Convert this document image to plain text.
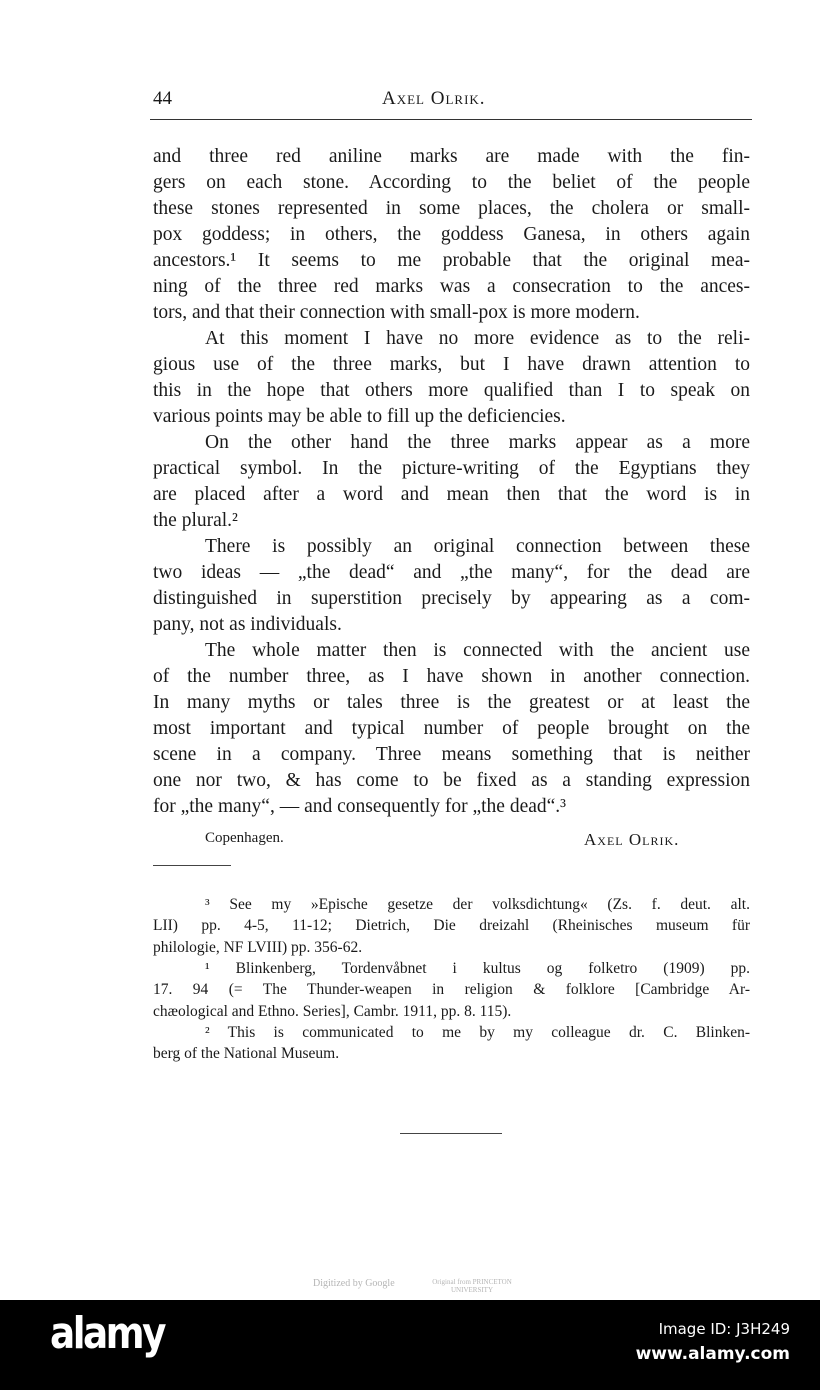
44	Axel Olrik.
and three red aniline marks are made with the fin-
gers on each stone. According to the beliet of the people
these stones represented in some places, the cholera or small-
pox goddess; in others, the goddess Ganesa, in others again
ancestors.¹ It seems to me probable that the original mea-
ning of the three red marks was a consecration to the ances-
tors, and that their connection with small-pox is more modern.
At this moment I have no more evidence as to the reli-
gious use of the three marks, but I have drawn attention to
this in the hope that others more qualified than I to speak on
various points may be able to fill up the deficiencies.
On the other hand the three marks appear as a more
practical symbol. In the picture-writing of the Egyptians they
are placed after a word and mean then that the word is in
the plural.²
There is possibly an original connection between these
two ideas — „the dead“ and „the many“, for the dead are
distinguished in superstition precisely by appearing as a com-
pany, not as individuals.
The whole matter then is connected with the ancient use
of the number three, as I have shown in another connection.
In many myths or tales three is the greatest or at least the
most important and typical number of people brought on the
scene in a company. Three means something that is neither
one nor two, & has come to be fixed as a standing expression
for „the many“, — and consequently for „the dead“.³
Copenhagen.	Axel Olrik.
³ See my »Epische gesetze der volksdichtung« (Zs. f. deut. alt.
LII) pp. 4-5, 11-12; Dietrich, Die dreizahl (Rheinisches museum für
philologie, NF LVIII) pp. 356-62.
¹ Blinkenberg, Tordenvåbnet i kultus og folketro (1909) pp.
17. 94 (= The Thunder-weapen in religion & folklore [Cambridge Ar-
chæological and Ethno. Series], Cambr. 1911, pp. 8. 115).
² This is communicated to me by my colleague dr. C. Blinken-
berg of the National Museum.
Digitized by Google	Original from PRINCETON UNIVERSITY
alamy	Image ID: J3H249
www.alamy.com
